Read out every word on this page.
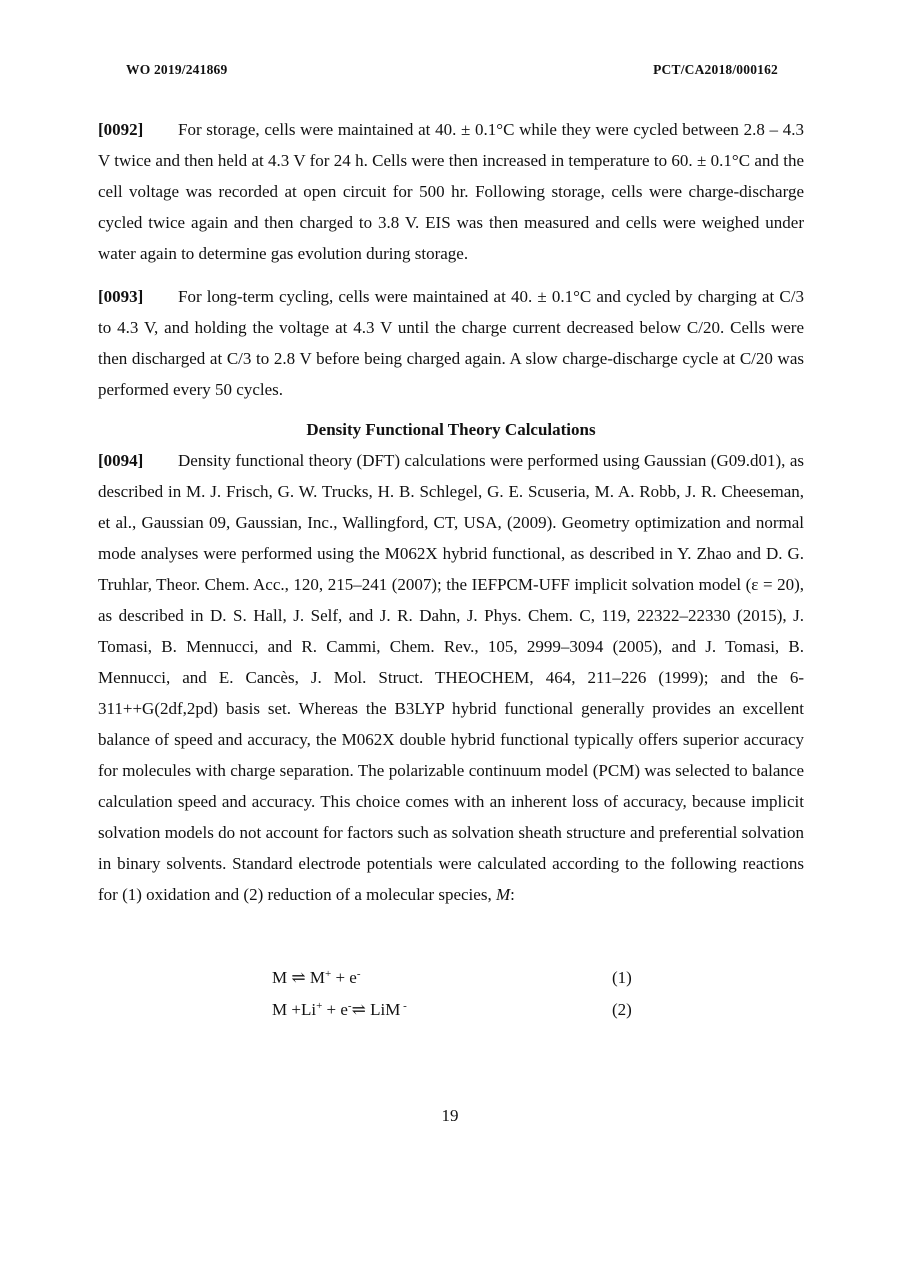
WO 2019/241869	PCT/CA2018/000162

[0092] For storage, cells were maintained at 40. ± 0.1°C while they were cycled between 2.8 – 4.3 V twice and then held at 4.3 V for 24 h. Cells were then increased in temperature to 60. ± 0.1°C and the cell voltage was recorded at open circuit for 500 hr. Following storage, cells were charge-discharge cycled twice again and then charged to 3.8 V. EIS was then measured and cells were weighed under water again to determine gas evolution during storage.

[0093] For long-term cycling, cells were maintained at 40. ± 0.1°C and cycled by charging at C/3 to 4.3 V, and holding the voltage at 4.3 V until the charge current decreased below C/20. Cells were then discharged at C/3 to 2.8 V before being charged again. A slow charge-discharge cycle at C/20 was performed every 50 cycles.

Density Functional Theory Calculations

[0094] Density functional theory (DFT) calculations were performed using Gaussian (G09.d01), as described in M. J. Frisch, G. W. Trucks, H. B. Schlegel, G. E. Scuseria, M. A. Robb, J. R. Cheeseman, et al., Gaussian 09, Gaussian, Inc., Wallingford, CT, USA, (2009). Geometry optimization and normal mode analyses were performed using the M062X hybrid functional, as described in Y. Zhao and D. G. Truhlar, Theor. Chem. Acc., 120, 215–241 (2007); the IEFPCM-UFF implicit solvation model (ε = 20), as described in D. S. Hall, J. Self, and J. R. Dahn, J. Phys. Chem. C, 119, 22322–22330 (2015), J. Tomasi, B. Mennucci, and R. Cammi, Chem. Rev., 105, 2999–3094 (2005), and J. Tomasi, B. Mennucci, and E. Cancès, J. Mol. Struct. THEOCHEM, 464, 211–226 (1999); and the 6-311++G(2df,2pd) basis set. Whereas the B3LYP hybrid functional generally provides an excellent balance of speed and accuracy, the M062X double hybrid functional typically offers superior accuracy for molecules with charge separation. The polarizable continuum model (PCM) was selected to balance calculation speed and accuracy. This choice comes with an inherent loss of accuracy, because implicit solvation models do not account for factors such as solvation sheath structure and preferential solvation in binary solvents. Standard electrode potentials were calculated according to the following reactions for (1) oxidation and (2) reduction of a molecular species, M:

M ⇌ M+ + e-	(1)
M +Li+ + e-⇌ LiM -	(2)
19
